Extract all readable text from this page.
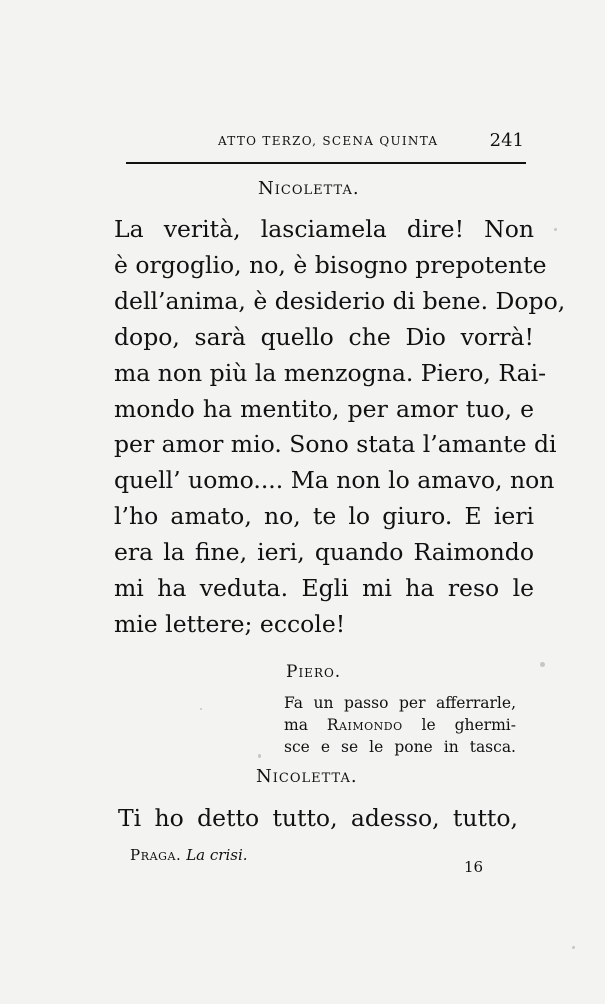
ATTO TERZO, SCENA QUINTA	241
Nicoletta.
La verità, lasciamela dire! Non
è orgoglio, no, è bisogno prepotente
dell’anima, è desiderio di bene. Dopo,
dopo, sarà quello che Dio vorrà!
ma non più la menzogna. Piero, Rai-
mondo ha mentito, per amor tuo, e
per amor mio. Sono stata l’amante di
quell’ uomo.... Ma non lo amavo, non
l’ho amato, no, te lo giuro. E ieri
era la fine, ieri, quando Raimondo
mi ha veduta. Egli mi ha reso le
mie lettere; eccole!
Piero.
Fa un passo per afferrarle,
ma Raimondo le ghermi-
sce e se le pone in tasca.
Nicoletta.
Ti ho detto tutto, adesso, tutto,
Praga. La crisi.
16
